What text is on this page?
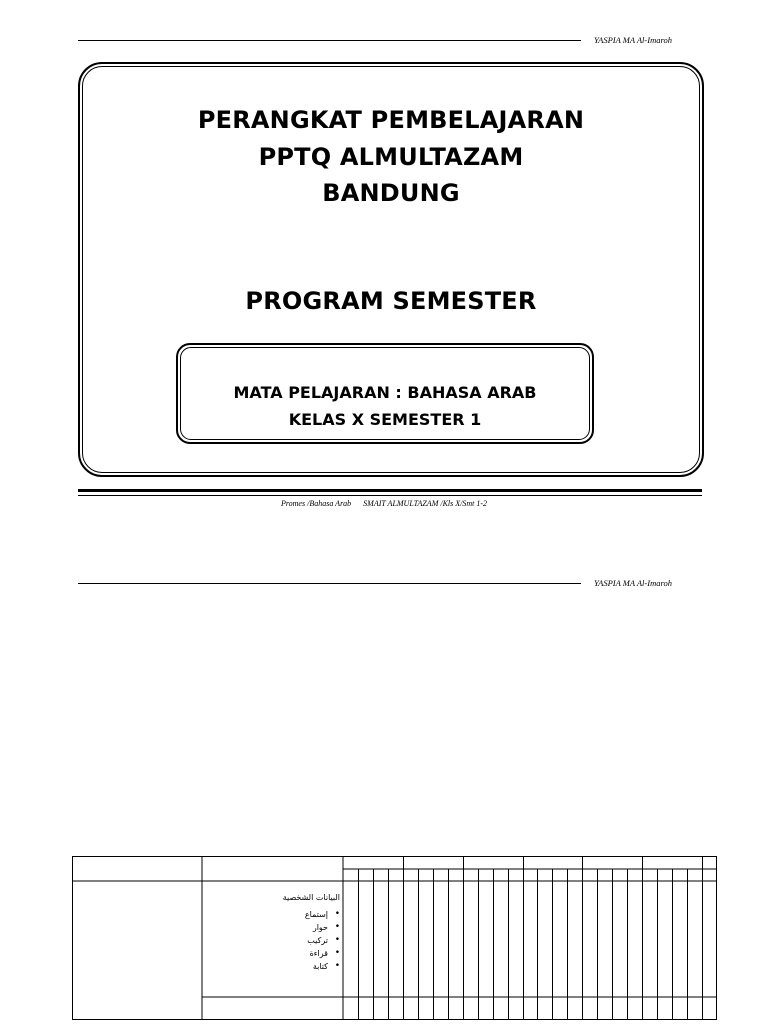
YASPIA MA Al-Imaroh
PERANGKAT PEMBELAJARAN
PPTQ ALMULTAZAM
BANDUNG
PROGRAM SEMESTER
MATA PELAJARAN : BAHASA ARAB
KELAS X SEMESTER 1
Promes /Bahasa Arab      SMAIT ALMULTAZAM /Kls X/Smt 1-2
YASPIA MA Al-Imaroh
البيانات الشخصية
إستماع •
حوار •
تركيب •
قراءة •
كتابة •
